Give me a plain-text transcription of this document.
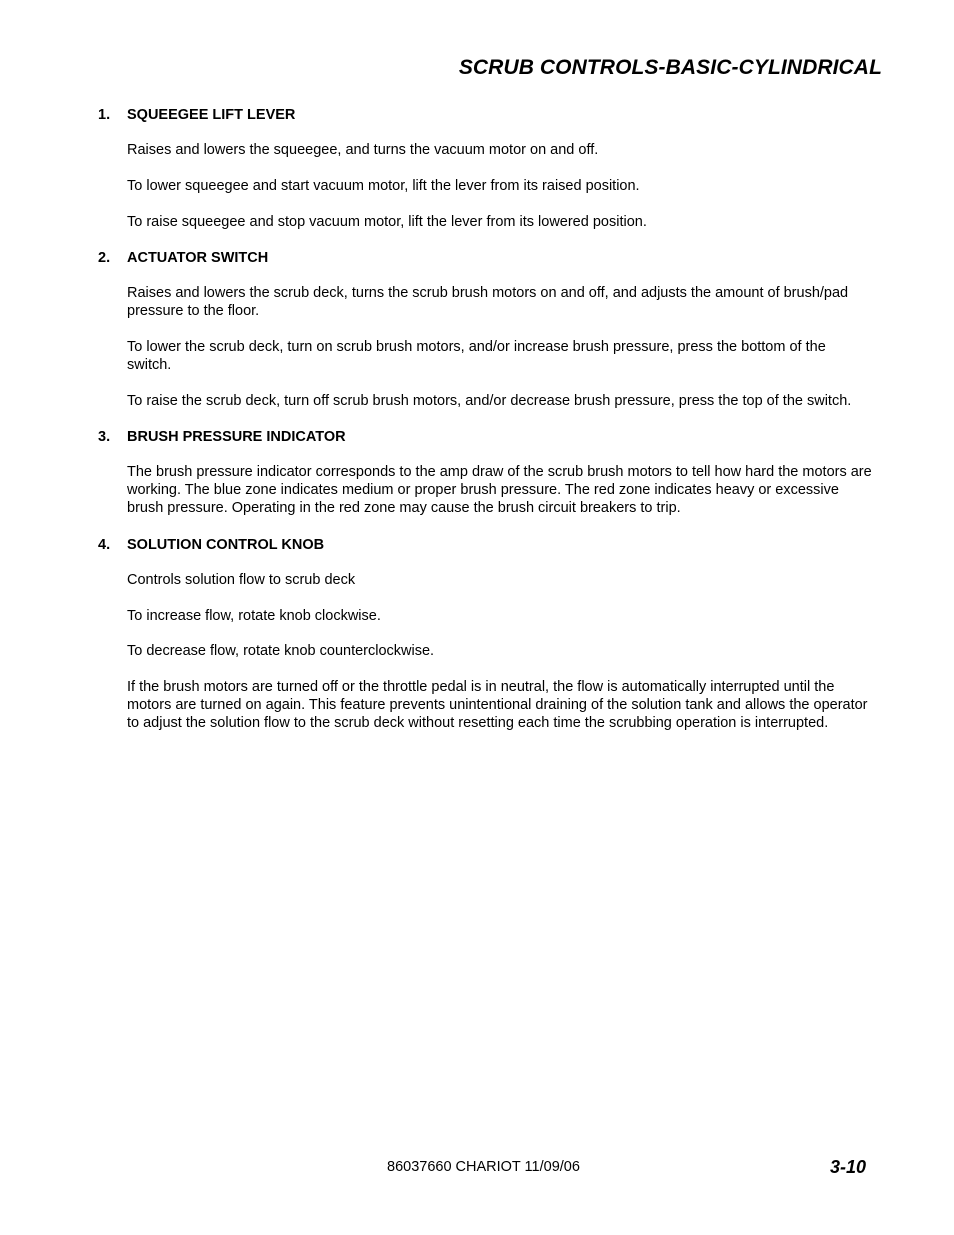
SCRUB CONTROLS-BASIC-CYLINDRICAL
1. SQUEEGEE LIFT LEVER
Raises and lowers the squeegee, and turns the vacuum motor on and off.
To lower squeegee and start vacuum motor, lift the lever from its raised position.
To raise squeegee and stop vacuum motor, lift the lever from its lowered position.
2. ACTUATOR SWITCH
Raises and lowers the scrub deck, turns the scrub brush motors on and off, and adjusts the amount of brush/pad pressure to the floor.
To lower the scrub deck, turn on scrub brush motors, and/or increase brush pressure, press the bottom of the switch.
To raise the scrub deck, turn off scrub brush motors, and/or decrease brush pressure, press the top of the switch.
3. BRUSH PRESSURE INDICATOR
The brush pressure indicator corresponds to the amp draw of the scrub brush motors to tell how hard the motors are working. The blue zone indicates medium or proper brush pressure. The red zone indicates heavy or excessive brush pressure. Operating in the red zone may cause the brush circuit breakers to trip.
4. SOLUTION CONTROL KNOB
Controls solution flow to scrub deck
To increase flow, rotate knob clockwise.
To decrease flow, rotate knob counterclockwise.
If the brush motors are turned off or the throttle pedal is in neutral, the flow is automatically interrupted until the motors are turned on again. This feature prevents unintentional draining of the solution tank and allows the operator to adjust the solution flow to the scrub deck without resetting each time the scrubbing operation is interrupted.
86037660 CHARIOT 11/09/06	3-10
